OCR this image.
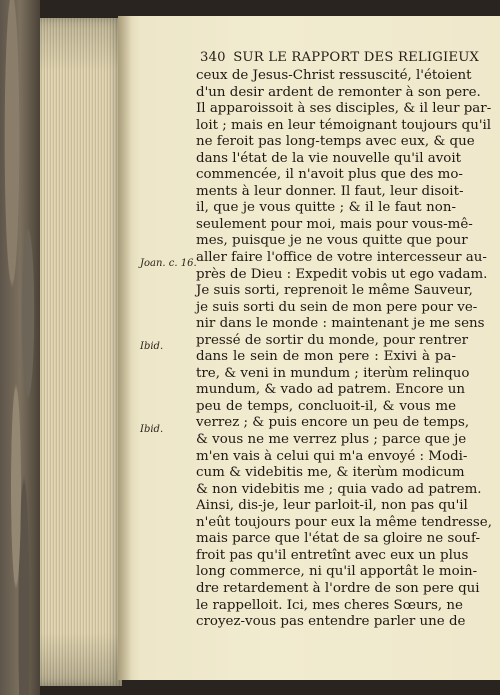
340 SUR LE RAPPORT DES RELIGIEUX
Joan. c. 16.
Ibid.
Ibid.
ceux de Jesus-Christ ressuscité, l'étoient
d'un desir ardent de remonter à son pere.
Il apparoissoit à ses disciples, & il leur par-
loit ; mais en leur témoignant toujours qu'il
ne feroit pas long-temps avec eux, & que
dans l'état de la vie nouvelle qu'il avoit
commencée, il n'avoit plus que des mo-
ments à leur donner. Il faut, leur disoit-
il, que je vous quitte ; & il le faut non-
seulement pour moi, mais pour vous-mê-
mes, puisque je ne vous quitte que pour
aller faire l'office de votre intercesseur au-
près de Dieu : Expedit vobis ut ego vadam.
Je suis sorti, reprenoit le même Sauveur,
je suis sorti du sein de mon pere pour ve-
nir dans le monde : maintenant je me sens
pressé de sortir du monde, pour rentrer
dans le sein de mon pere : Exivi à pa-
tre, & veni in mundum ; iterùm relinquo
mundum, & vado ad patrem. Encore un
peu de temps, concluoit-il, & vous me
verrez ; & puis encore un peu de temps,
& vous ne me verrez plus ; parce que je
m'en vais à celui qui m'a envoyé : Modi-
cum & videbitis me, & iterùm modicum
& non videbitis me ; quia vado ad patrem.
Ainsi, dis-je, leur parloit-il, non pas qu'il
n'eût toujours pour eux la même tendresse,
mais parce que l'état de sa gloire ne souf-
froit pas qu'il entretînt avec eux un plus
long commerce, ni qu'il apportât le moin-
dre retardement à l'ordre de son pere qui
le rappelloit. Ici, mes cheres Sœurs, ne
croyez-vous pas entendre parler une de
